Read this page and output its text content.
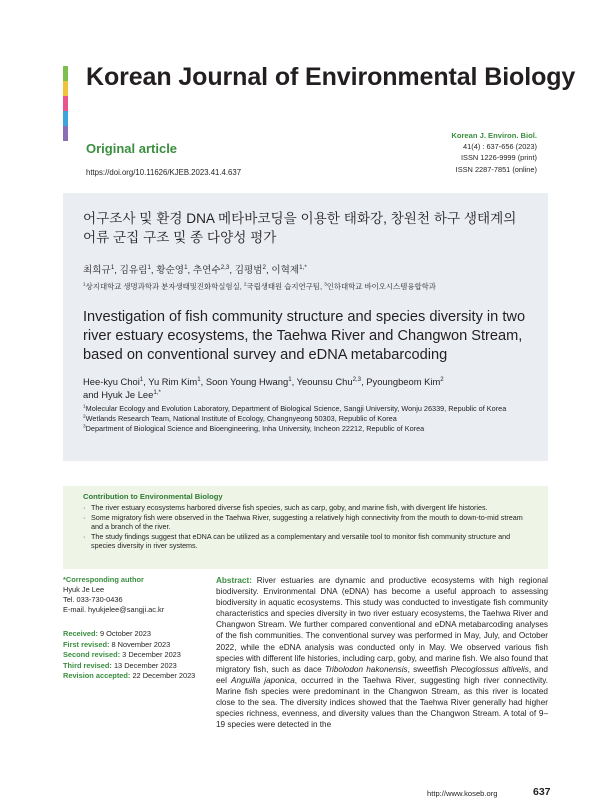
Korean Journal of Environmental Biology
Original article
https://doi.org/10.11626/KJEB.2023.41.4.637
Korean J. Environ. Biol.
41(4) : 637-656 (2023)
ISSN 1226-9999 (print)
ISSN 2287-7851 (online)
어구조사 및 환경 DNA 메타바코딩을 이용한 태화강, 창원천 하구 생태계의 어류 군집 구조 및 종 다양성 평가
최희규$^1$, 김유림$^1$, 황순영$^1$, 추연수$^{2,3}$, 김평범$^2$, 이혁제$^{1,*}$
$^1$상지대학교 생명과학과 분자생태및진화학실험실, $^2$국립생태원 습지연구팀, $^3$인하대학교 바이오시스템융합학과
Investigation of fish community structure and species diversity in two river estuary ecosystems, the Taehwa River and Changwon Stream, based on conventional survey and eDNA metabarcoding
Hee-kyu Choi$^1$, Yu Rim Kim$^1$, Soon Young Hwang$^1$, Yeounsu Chu$^{2,3}$, Pyoungbeom Kim$^2$
and Hyuk Je Lee$^{1,*}$

$^1$Molecular Ecology and Evolution Laboratory, Department of Biological Science, Sangji University, Wonju 26339, Republic of Korea

$^2$Wetlands Research Team, National Institute of Ecology, Changnyeong 50303, Republic of Korea

$^3$Department of Biological Science and Bioengineering, Inha University, Incheon 22212, Republic of Korea

Contribution to Environmental Biology
· The river estuary ecosystems harbored diverse fish species, such as carp, goby, and marine fish, with divergent life histories.
· Some migratory fish were observed in the Taehwa River, suggesting a relatively high connectivity from the mouth to down-to-mid stream and a branch of the river.
· The study findings suggest that eDNA can be utilized as a complementary and versatile tool to monitor fish community structure and species diversity in river systems.
*Corresponding author
Hyuk Je Lee
Tel. 033-730-0436
E-mail. hyukjelee@sangji.ac.kr
Received: 9 October 2023
First revised: 8 November 2023
Second revised: 3 December 2023
Third revised: 13 December 2023
Revision accepted: 22 December 2023
Abstract: River estuaries are dynamic and productive ecosystems with high regional biodiversity. Environmental DNA (eDNA) has become a useful approach to assessing biodiversity in aquatic ecosystems. This study was conducted to investigate fish community characteristics and species diversity in two river estuary ecosystems, the Taehwa River and Changwon Stream. We further compared conventional and eDNA metabarcoding analyses of the fish communities. The conventional survey was performed in May, July, and October 2022, while the eDNA analysis was conducted only in May. We observed various fish species with different life histories, including carp, goby, and marine fish. We also found that migratory fish, such as dace Tribolodon hakonensis, sweetfish Plecoglossus altivelis, and eel Anguilla japonica, occurred in the Taehwa River, suggesting high river connectivity. Marine fish species were predominant in the Changwon Stream, as this river is located close to the sea. The diversity indices showed that the Taehwa River generally had higher species richness, evenness, and diversity values than the Changwon Stream. A total of 9–19 species were detected in the
http://www.koseb.org	637
